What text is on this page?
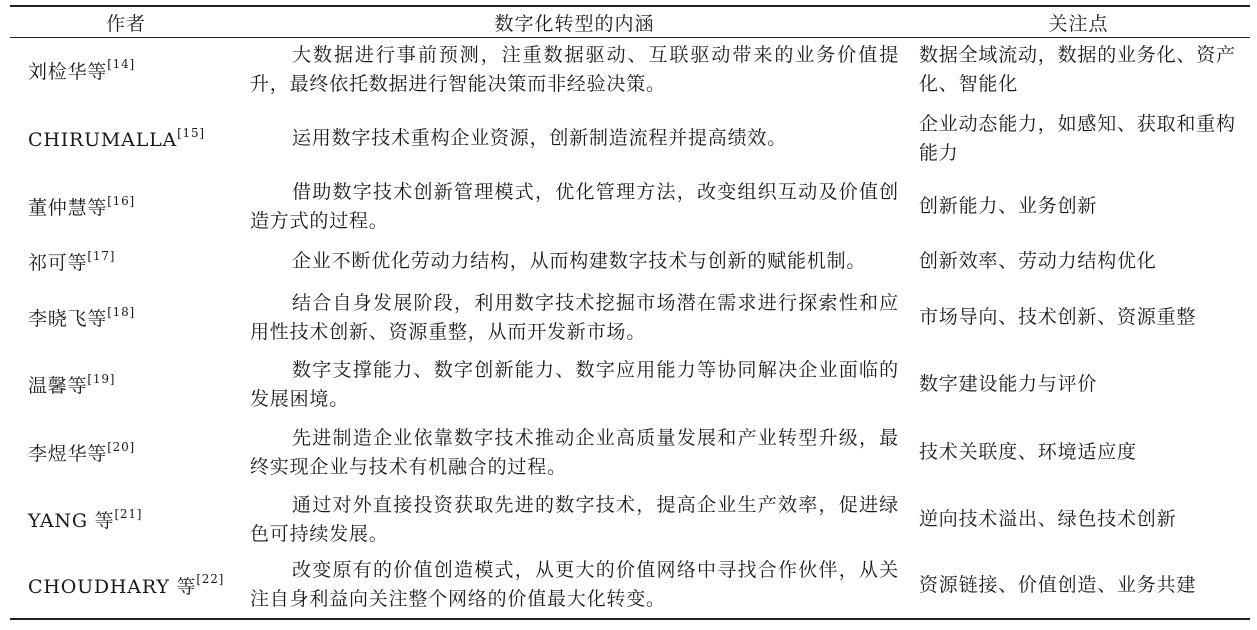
作者	数字化转型的内涵	关注点
刘检华等[14]	大数据进行事前预测，注重数据驱动、互联驱动带来的业务价值提升，最终依托数据进行智能决策而非经验决策。	数据全域流动，数据的业务化、资产化、智能化
CHIRUMALLA[15]	运用数字技术重构企业资源，创新制造流程并提高绩效。	企业动态能力，如感知、获取和重构能力
董仲慧等[16]	借助数字技术创新管理模式，优化管理方法，改变组织互动及价值创造方式的过程。	创新能力、业务创新
祁可等[17]	企业不断优化劳动力结构，从而构建数字技术与创新的赋能机制。	创新效率、劳动力结构优化
李晓飞等[18]	结合自身发展阶段，利用数字技术挖掘市场潜在需求进行探索性和应用性技术创新、资源重整，从而开发新市场。	市场导向、技术创新、资源重整
温馨等[19]	数字支撑能力、数字创新能力、数字应用能力等协同解决企业面临的发展困境。	数字建设能力与评价
李煜华等[20]	先进制造企业依靠数字技术推动企业高质量发展和产业转型升级，最终实现企业与技术有机融合的过程。	技术关联度、环境适应度
YANG 等[21]	通过对外直接投资获取先进的数字技术，提高企业生产效率，促进绿色可持续发展。	逆向技术溢出、绿色技术创新
CHOUDHARY 等[22]	改变原有的价值创造模式，从更大的价值网络中寻找合作伙伴，从关注自身利益向关注整个网络的价值最大化转变。	资源链接、价值创造、业务共建
